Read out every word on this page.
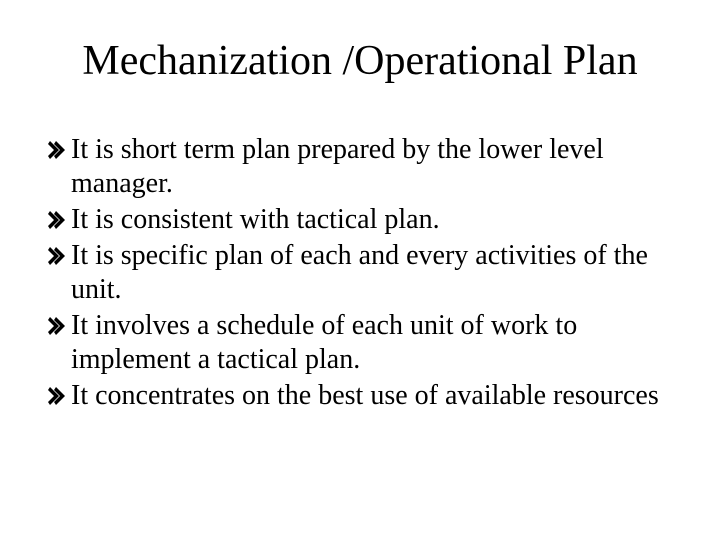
Mechanization /Operational Plan
It is short term plan prepared by the lower level manager.
It is consistent with tactical plan.
It is specific plan of each and every activities of the unit.
It involves a schedule of each unit of work to implement a tactical plan.
It concentrates on the best use of available resources
